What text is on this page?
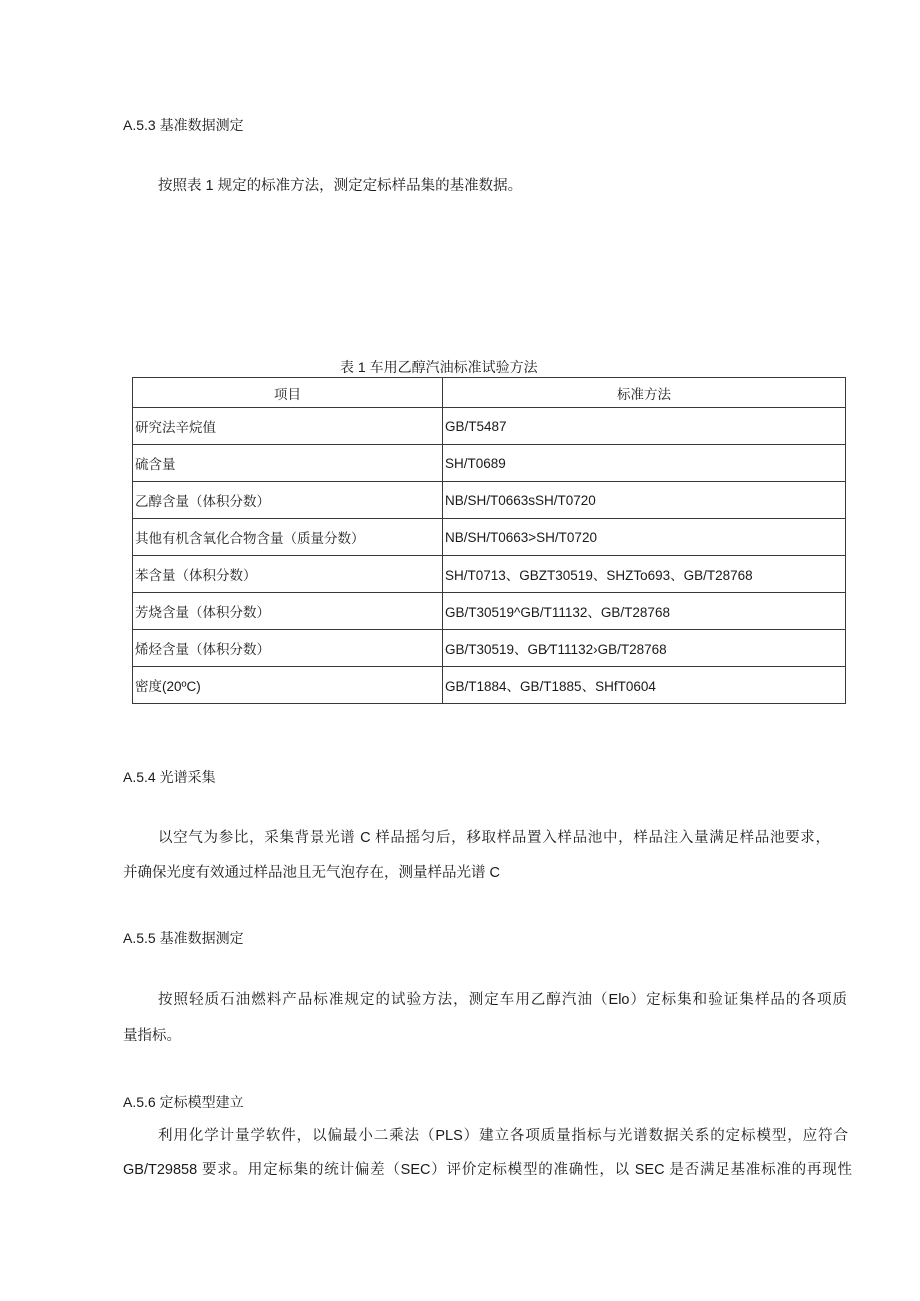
A.5.3 基准数据测定
按照表 1 规定的标准方法，测定定标样品集的基准数据。
表 1 车用乙醇汽油标准试验方法
项目	标准方法
研究法辛烷值	GB/T5487
硫含量	SH/T0689
乙醇含量（体积分数）	NB/SH/T0663sSH/T0720
其他有机含氧化合物含量（质量分数）	NB/SH/T0663>SH/T0720
苯含量（体积分数）	SH/T0713、GBZT30519、SHZTo693、GB/T28768
芳烧含量（体积分数）	GB/T30519^GB/T11132、GB/T28768
烯烃含量（体积分数）	GB/T30519、GB∕T11132›GB/T28768
密度(20ºC)	GB/T1884、GB/T1885、SHfT0604
A.5.4 光谱采集
以空气为参比，采集背景光谱 C 样品摇匀后，移取样品置入样品池中，样品注入量满足样品池要求，
并确保光度有效通过样品池且无气泡存在，测量样品光谱 C
A.5.5 基准数据测定
按照轻质石油燃料产品标准规定的试验方法，测定车用乙醇汽油（Elo）定标集和验证集样品的各项质
量指标。
A.5.6 定标模型建立
利用化学计量学软件，以偏最小二乘法（PLS）建立各项质量指标与光谱数据关系的定标模型，应符合
GB/T29858 要求。用定标集的统计偏差（SEC）评价定标模型的准确性，以 SEC 是否满足基准标准的再现性
